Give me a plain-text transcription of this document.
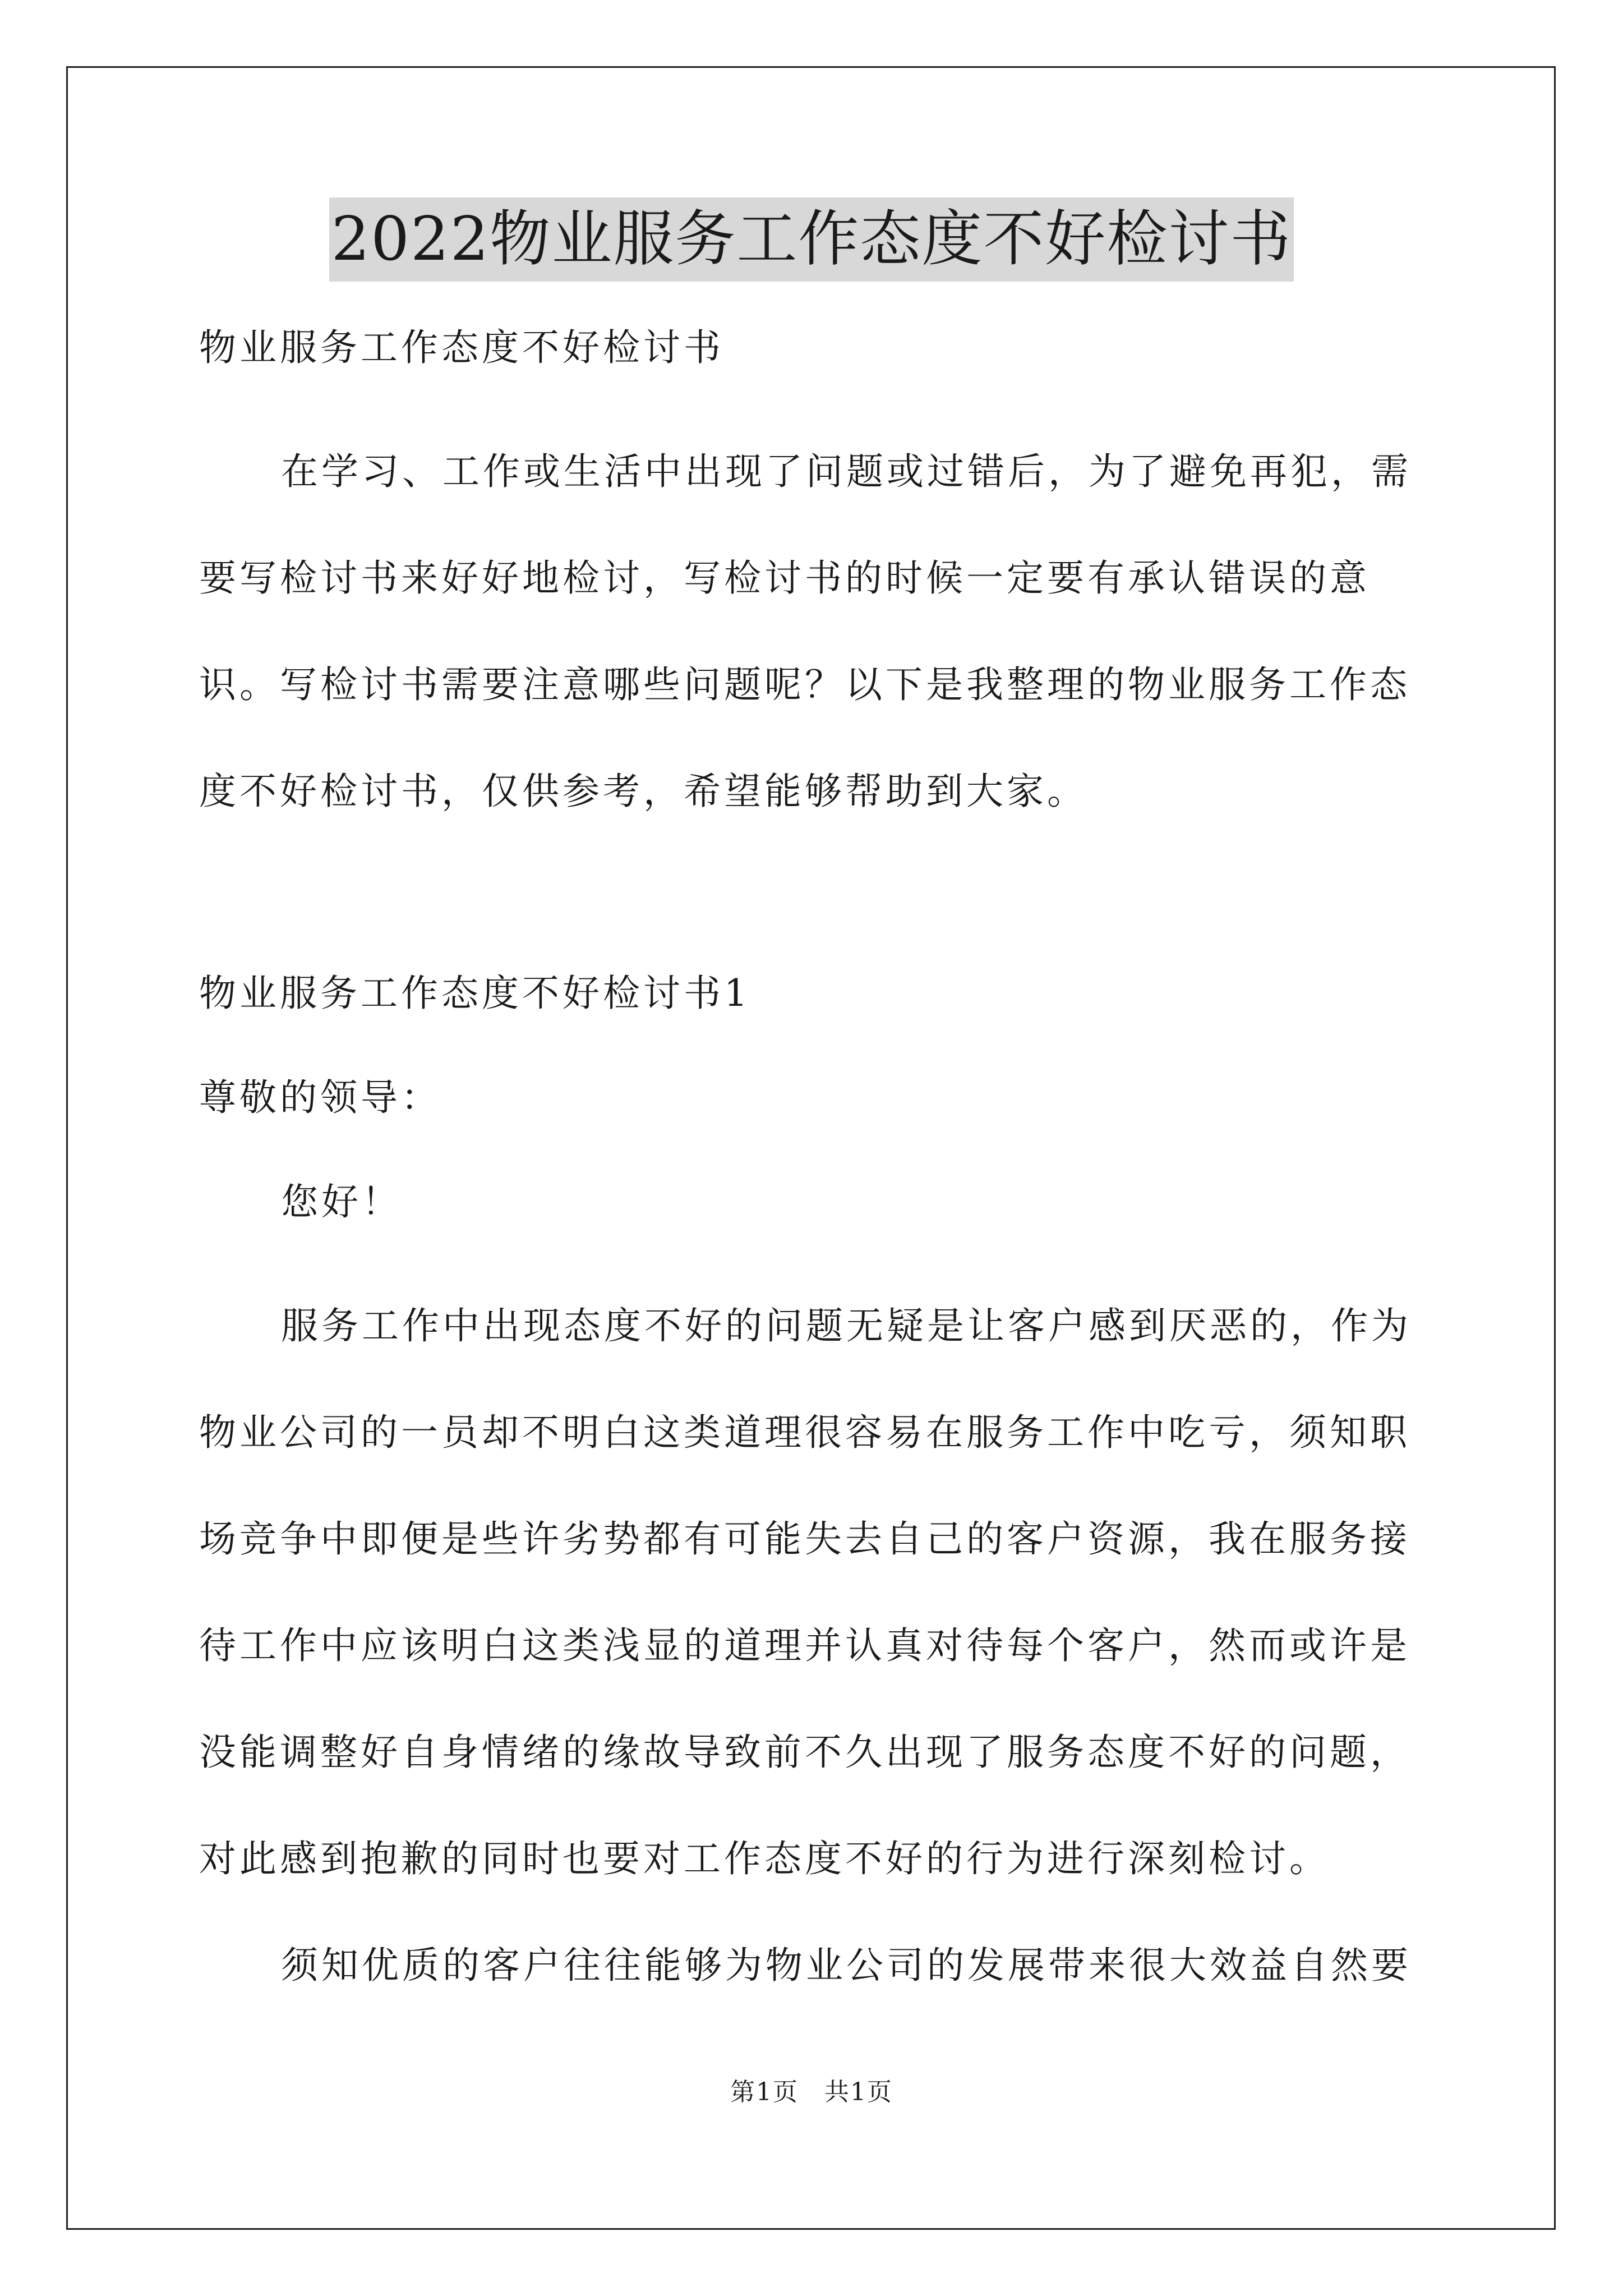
2022物业服务工作态度不好检讨书

物业服务工作态度不好检讨书

在学习、工作或生活中出现了问题或过错后，为了避免再犯，需要写检讨书来好好地检讨，写检讨书的时候一定要有承认错误的意识。写检讨书需要注意哪些问题呢？以下是我整理的物业服务工作态度不好检讨书，仅供参考，希望能够帮助到大家。

物业服务工作态度不好检讨书1

尊敬的领导：

您好！

服务工作中出现态度不好的问题无疑是让客户感到厌恶的，作为物业公司的一员却不明白这类道理很容易在服务工作中吃亏，须知职场竞争中即便是些许劣势都有可能失去自己的客户资源，我在服务接待工作中应该明白这类浅显的道理并认真对待每个客户，然而或许是没能调整好自身情绪的缘故导致前不久出现了服务态度不好的问题，对此感到抱歉的同时也要对工作态度不好的行为进行深刻检讨。

须知优质的客户往往能够为物业公司的发展带来很大效益自然要

第1页　共1页
